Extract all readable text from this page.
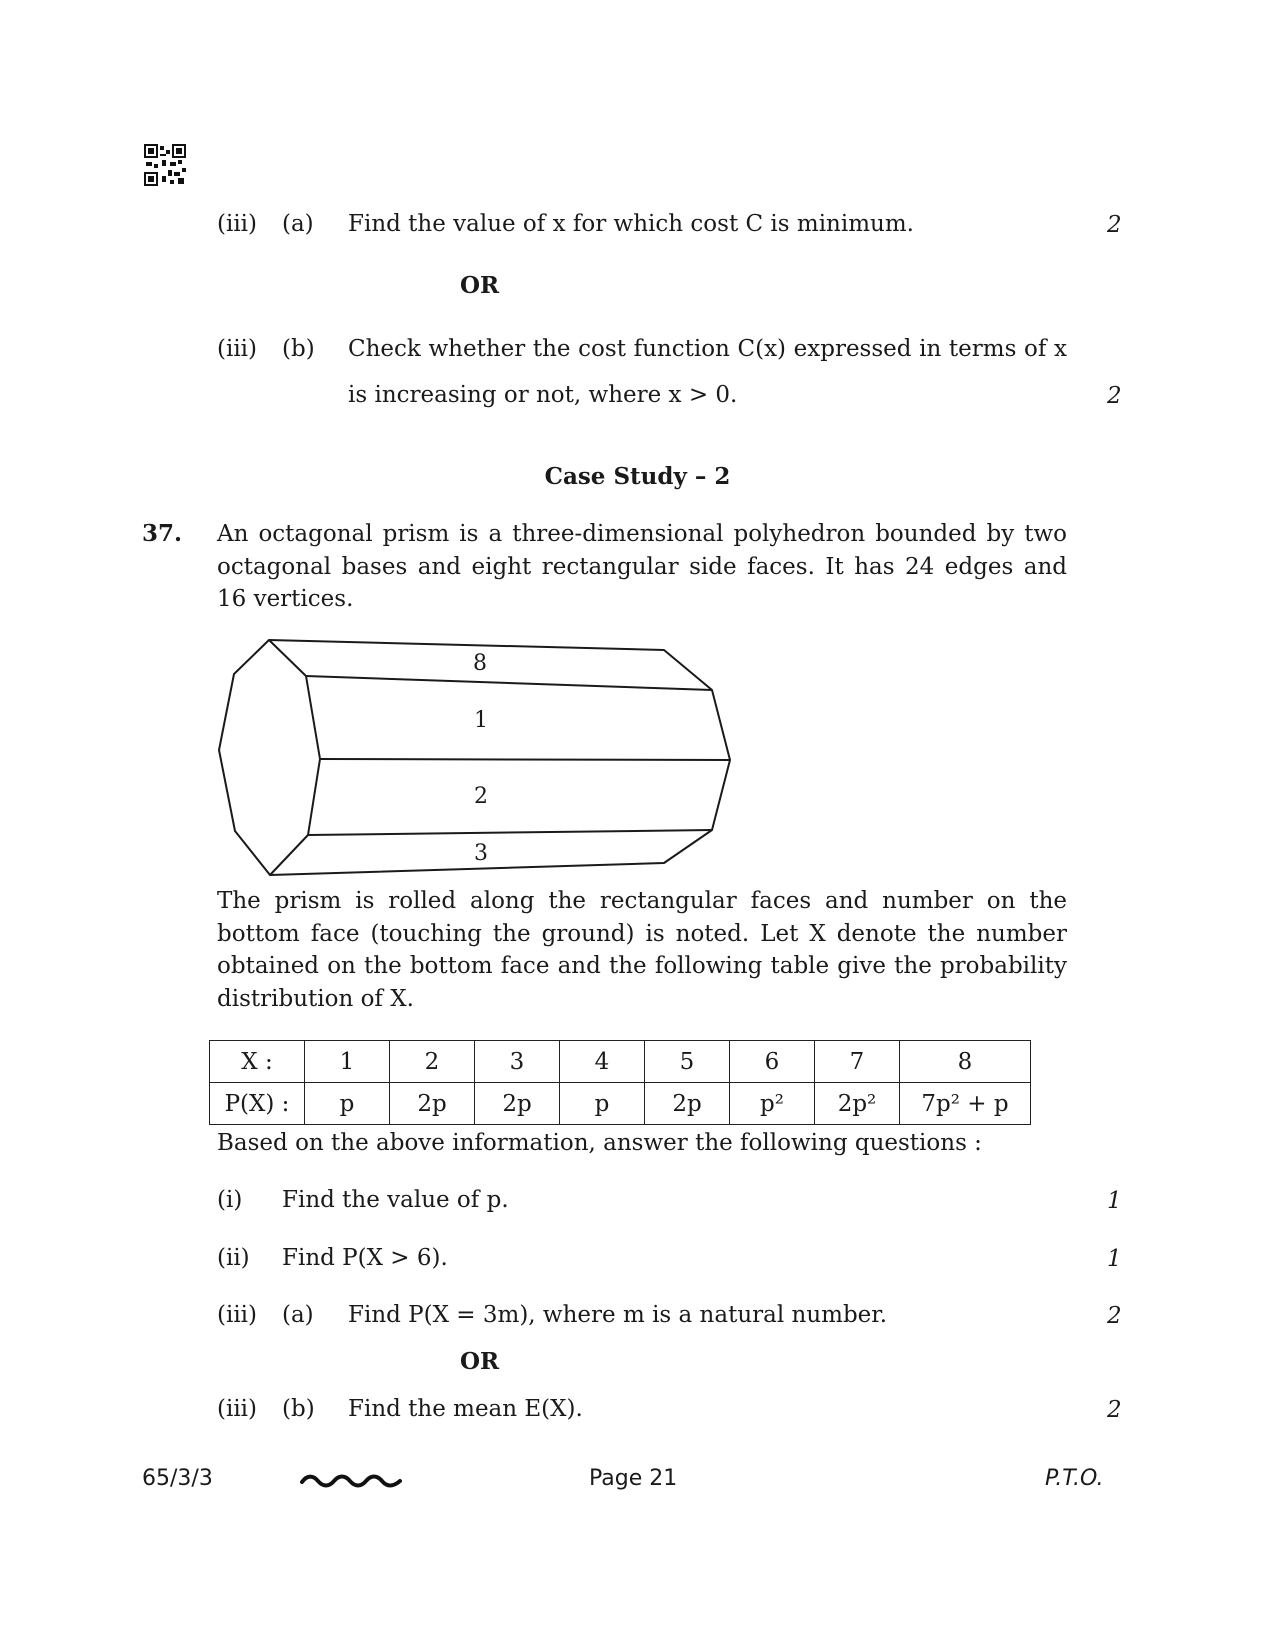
(iii) (a) Find the value of x for which cost C is minimum.	2
OR
(iii) (b) Check whether the cost function C(x) expressed in terms of x
is increasing or not, where x > 0.	2
Case Study – 2
37. An octagonal prism is a three-dimensional polyhedron bounded by two octagonal bases and eight rectangular side faces. It has 24 edges and 16 vertices.
8
1
2
3
The prism is rolled along the rectangular faces and number on the bottom face (touching the ground) is noted. Let X denote the number obtained on the bottom face and the following table give the probability distribution of X.
X :	1	2	3	4	5	6	7	8
P(X) :	p	2p	2p	p	2p	p²	2p²	7p² + p
Based on the above information, answer the following questions :
(i) Find the value of p.	1
(ii) Find P(X > 6).	1
(iii) (a) Find P(X = 3m), where m is a natural number.	2
OR
(iii) (b) Find the mean E(X).	2
65/3/3	Page 21	P.T.O.
